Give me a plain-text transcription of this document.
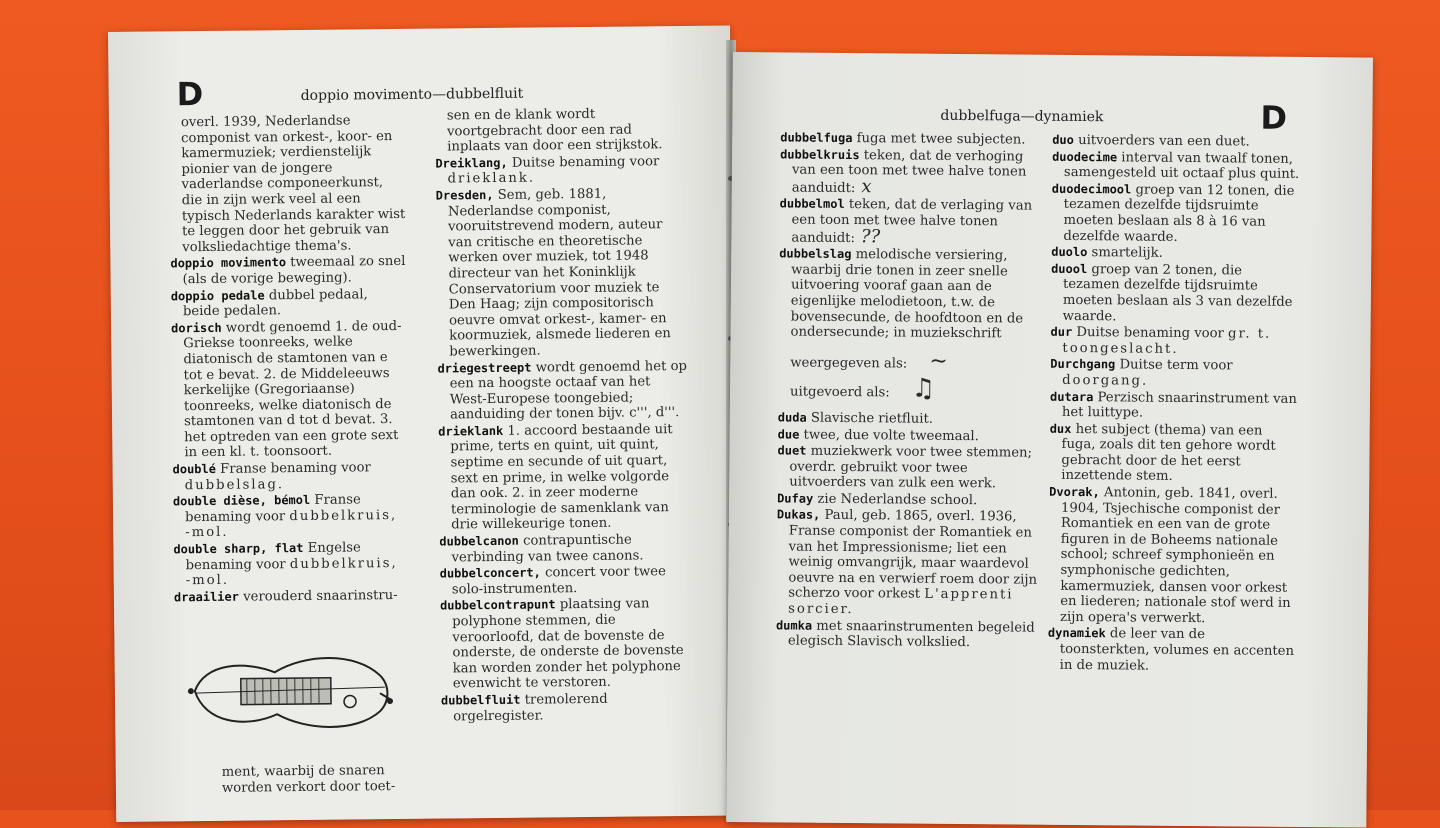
D	doppio movimento—dubbelfluit
overl. 1939, Nederlandse componist van orkest-, koor- en kamermuziek; verdienstelijk pionier van de jongere vaderlandse componeerkunst, die in zijn werk veel al een typisch Nederlands karakter wist te leggen door het gebruik van volksliedachtige thema's.
doppio movimento tweemaal zo snel (als de vorige beweging).
doppio pedale dubbel pedaal, beide pedalen.
dorisch wordt genoemd 1. de oud-Griekse toonreeks, welke diatonisch de stamtonen van e tot e bevat. 2. de Middeleeuws kerkelijke (Gregoriaanse) toonreeks, welke diatonisch de stamtonen van d tot d bevat. 3. het optreden van een grote sext in een kl. t. toonsoort.
doublé Franse benaming voor dubbelslag.
double dièse, bémol Franse benaming voor dubbelkruis, -mol.
double sharp, flat Engelse benaming voor dubbelkruis, -mol.
draailier verouderd snaarinstru-
sen en de klank wordt voortgebracht door een rad inplaats van door een strijkstok.
Dreiklang, Duitse benaming voor drieklank.
Dresden, Sem, geb. 1881, Nederlandse componist, vooruitstrevend modern, auteur van critische en theoretische werken over muziek, tot 1948 directeur van het Koninklijk Conservatorium voor muziek te Den Haag; zijn compositorisch oeuvre omvat orkest-, kamer- en koormuziek, alsmede liederen en bewerkingen.
driegestreept wordt genoemd het op een na hoogste octaaf van het West-Europese toongebied; aanduiding der tonen bijv. c''', d'''.
drieklank 1. accoord bestaande uit prime, terts en quint, uit quint, septime en secunde of uit quart, sext en prime, in welke volgorde dan ook. 2. in zeer moderne terminologie de samenklank van drie willekeurige tonen.
dubbelcanon contrapuntische verbinding van twee canons.
dubbelconcert, concert voor twee solo-instrumenten.
dubbelcontrapunt plaatsing van polyphone stemmen, die veroorloofd, dat de bovenste de onderste, de onderste de bovenste kan worden zonder het polyphone evenwicht te verstoren.
dubbelfluit tremolerend orgelregister.
ment, waarbij de snaren worden verkort door toet-
dubbelfuga—dynamiek	D
dubbelfuga fuga met twee subjecten.
dubbelkruis teken, dat de verhoging van een toon met twee halve tonen aanduidt: x
dubbelmol teken, dat de verlaging van een toon met twee halve tonen aanduidt: ??
dubbelslag melodische versiering, waarbij drie tonen in zeer snelle uitvoering vooraf gaan aan de eigenlijke melodietoon, t.w. de bovensecunde, de hoofdtoon en de ondersecunde; in muziekschrift
weergegeven als: ~
uitgevoerd als: ♫
duda Slavische rietfluit.
due twee, due volte tweemaal.
duet muziekwerk voor twee stemmen; overdr. gebruikt voor twee uitvoerders van zulk een werk.
Dufay zie Nederlandse school.
Dukas, Paul, geb. 1865, overl. 1936, Franse componist der Romantiek en van het Impressionisme; liet een weinig omvangrijk, maar waardevol oeuvre na en verwierf roem door zijn scherzo voor orkest L'apprenti sorcier.
dumka met snaarinstrumenten begeleid elegisch Slavisch volkslied.
duo uitvoerders van een duet.
duodecime interval van twaalf tonen, samengesteld uit octaaf plus quint.
duodecimool groep van 12 tonen, die tezamen dezelfde tijdsruimte moeten beslaan als 8 à 16 van dezelfde waarde.
duolo smartelijk.
duool groep van 2 tonen, die tezamen dezelfde tijdsruimte moeten beslaan als 3 van dezelfde waarde.
dur Duitse benaming voor gr. t. toongeslacht.
Durchgang Duitse term voor doorgang.
dutara Perzisch snaarinstrument van het luittype.
dux het subject (thema) van een fuga, zoals dit ten gehore wordt gebracht door de het eerst inzettende stem.
Dvorak, Antonin, geb. 1841, overl. 1904, Tsjechische componist der Romantiek en een van de grote figuren in de Boheems nationale school; schreef symphonieën en symphonische gedichten, kamermuziek, dansen voor orkest en liederen; nationale stof werd in zijn opera's verwerkt.
dynamiek de leer van de toonsterkten, volumes en accenten in de muziek.
